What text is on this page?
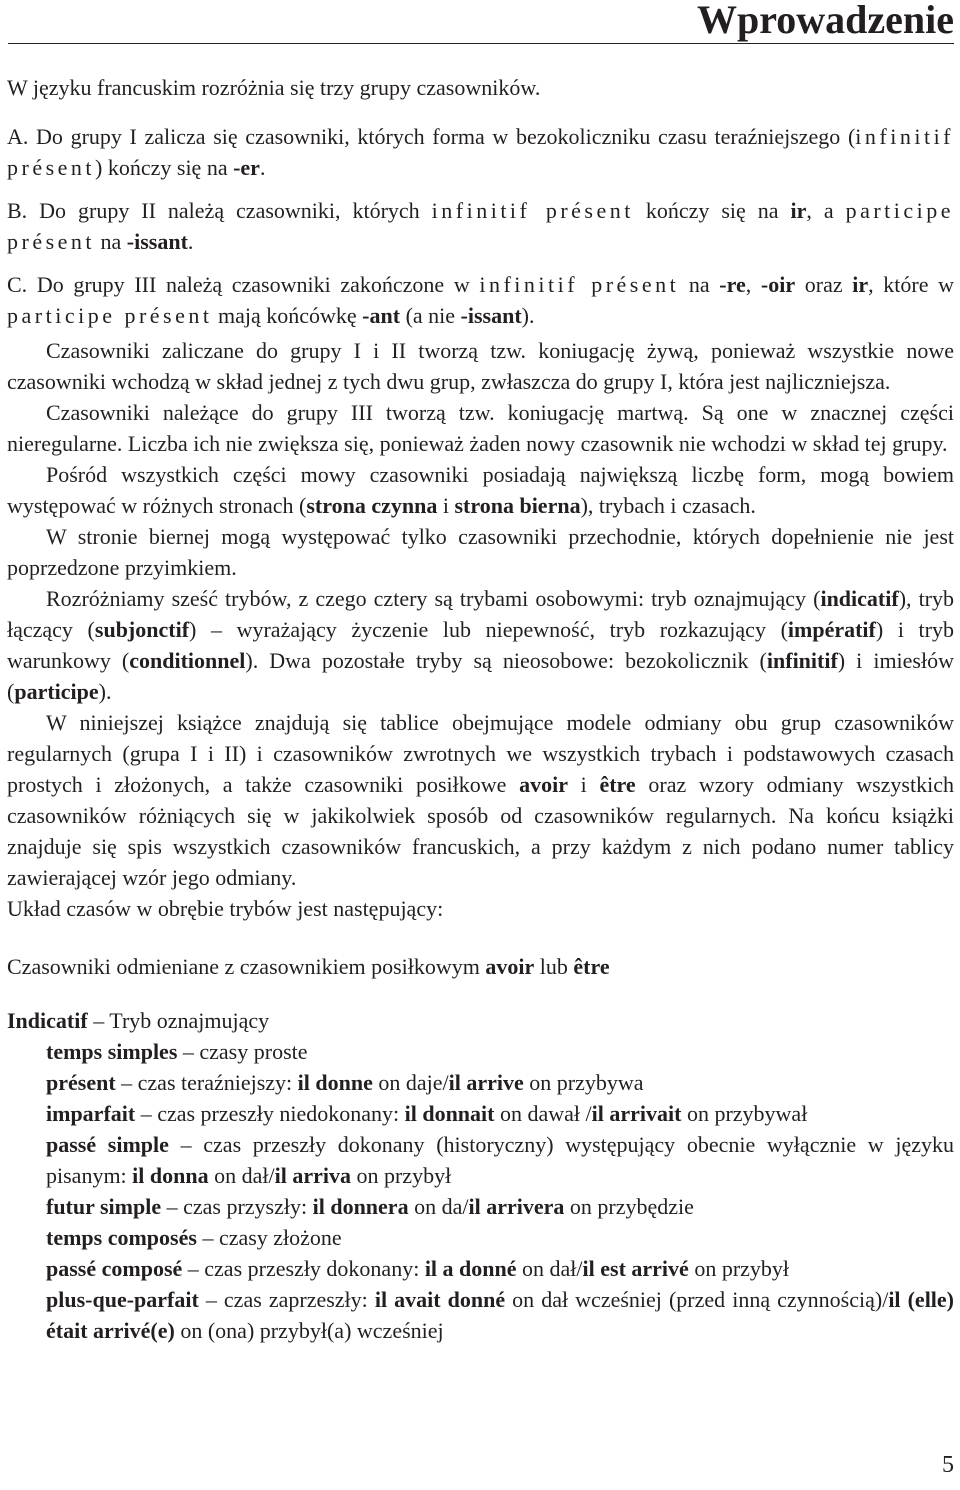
Wprowadzenie

W języku francuskim rozróżnia się trzy grupy czasowników.

A. Do grupy I zalicza się czasowniki, których forma w bezokoliczniku czasu teraźniejszego (infinitif présent) kończy się na -er.

B. Do grupy II należą czasowniki, których infinitif présent kończy się na ir, a participe présent na -issant.

C. Do grupy III należą czasowniki zakończone w infinitif présent na -re, -oir oraz ir, które w participe présent mają końcówkę -ant (a nie -issant).

Czasowniki zaliczane do grupy I i II tworzą tzw. koniugację żywą, ponieważ wszystkie nowe czasowniki wchodzą w skład jednej z tych dwu grup, zwłaszcza do grupy I, która jest najliczniejsza.

Czasowniki należące do grupy III tworzą tzw. koniugację martwą. Są one w znacznej części nieregularne. Liczba ich nie zwiększa się, ponieważ żaden nowy czasownik nie wchodzi w skład tej grupy.

Pośród wszystkich części mowy czasowniki posiadają największą liczbę form, mogą bowiem występować w różnych stronach (strona czynna i strona bierna), trybach i czasach.

W stronie biernej mogą występować tylko czasowniki przechodnie, których dopełnienie nie jest poprzedzone przyimkiem.

Rozróżniamy sześć trybów, z czego cztery są trybami osobowymi: tryb oznajmujący (indicatif), tryb łączący (subjonctif) – wyrażający życzenie lub niepewność, tryb rozkazujący (impératif) i tryb warunkowy (conditionnel). Dwa pozostałe tryby są nieosobowe: bezokolicznik (infinitif) i imiesłów (participe).

W niniejszej książce znajdują się tablice obejmujące modele odmiany obu grup czasowników regularnych (grupa I i II) i czasowników zwrotnych we wszystkich trybach i podstawowych czasach prostych i złożonych, a także czasowniki posiłkowe avoir i être oraz wzory odmiany wszystkich czasowników różniących się w jakikolwiek sposób od czasowników regularnych. Na końcu książki znajduje się spis wszystkich czasowników francuskich, a przy każdym z nich podano numer tablicy zawierającej wzór jego odmiany.

Układ czasów w obrębie trybów jest następujący:

Czasowniki odmieniane z czasownikiem posiłkowym avoir lub être

Indicatif – Tryb oznajmujący

temps simples – czasy proste

présent – czas teraźniejszy: il donne on daje/il arrive on przybywa

imparfait – czas przeszły niedokonany: il donnait on dawał /il arrivait on przybywał

passé simple – czas przeszły dokonany (historyczny) występujący obecnie wyłącznie w języku pisanym: il donna on dał/il arriva on przybył

futur simple – czas przyszły: il donnera on da/il arrivera on przybędzie

temps composés – czasy złożone

passé composé – czas przeszły dokonany: il a donné on dał/il est arrivé on przybył

plus-que-parfait – czas zaprzeszły: il avait donné on dał wcześniej (przed inną czynnością)/il (elle) était arrivé(e) on (ona) przybył(a) wcześniej

5
